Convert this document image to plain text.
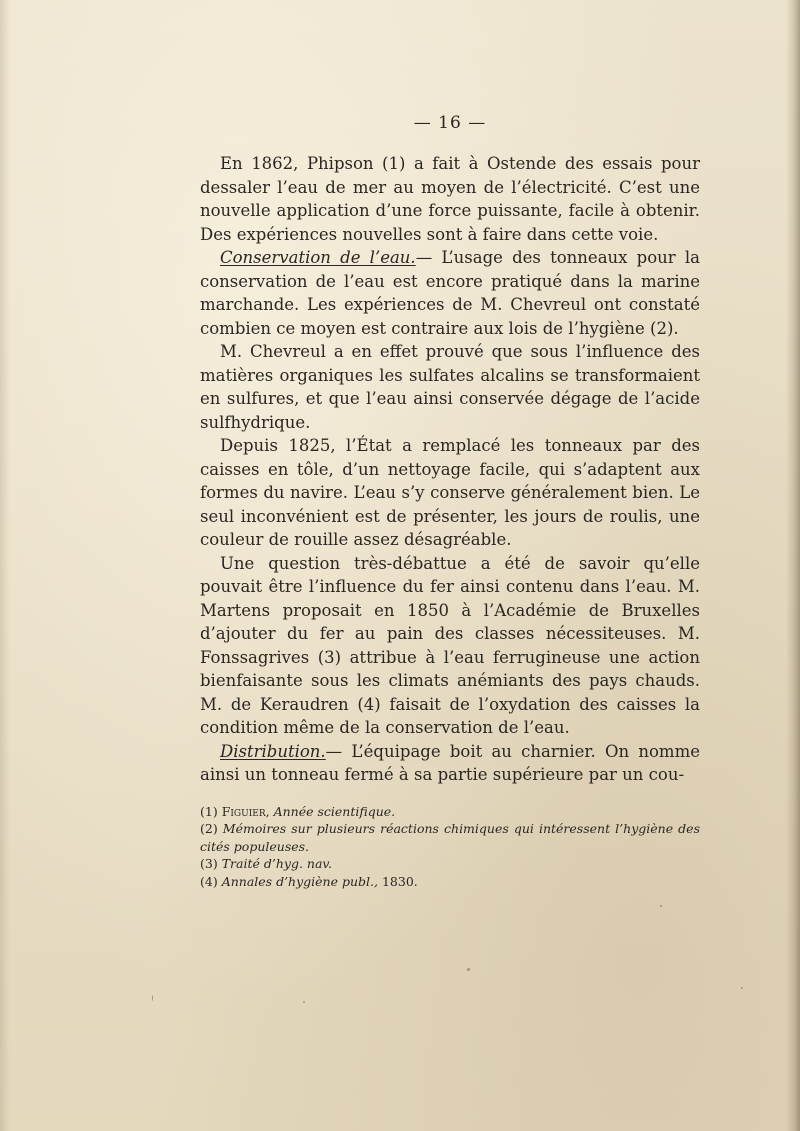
— 16 —

En 1862, Phipson (1) a fait à Ostende des essais pour dessaler l’eau de mer au moyen de l’électricité. C’est une nouvelle application d’une force puissante, facile à obtenir. Des expériences nouvelles sont à faire dans cette voie.

Conservation de l’eau.— L’usage des tonneaux pour la conservation de l’eau est encore pratiqué dans la marine marchande. Les expériences de M. Chevreul ont constaté combien ce moyen est contraire aux lois de l’hygiène (2).

M. Chevreul a en effet prouvé que sous l’influence des matières organiques les sulfates alcalins se transformaient en sulfures, et que l’eau ainsi conservée dégage de l’acide sulfhydrique.

Depuis 1825, l’État a remplacé les tonneaux par des caisses en tôle, d’un nettoyage facile, qui s’adaptent aux formes du navire. L’eau s’y conserve généralement bien. Le seul inconvénient est de présenter, les jours de roulis, une couleur de rouille assez désagréable.

Une question très-débattue a été de savoir qu’elle pouvait être l’influence du fer ainsi contenu dans l’eau. M. Martens proposait en 1850 à l’Académie de Bruxelles d’ajouter du fer au pain des classes nécessiteuses. M. Fonssagrives (3) attribue à l’eau ferrugineuse une action bienfaisante sous les climats anémiants des pays chauds. M. de Keraudren (4) faisait de l’oxydation des caisses la condition même de la conservation de l’eau.

Distribution.— L’équipage boit au charnier. On nomme ainsi un tonneau fermé à sa partie supérieure par un cou-

(1) Figuier, Année scientifique.

(2) Mémoires sur plusieurs réactions chimiques qui intéressent l’hygiène des cités populeuses.

(3) Traité d’hyg. nav.

(4) Annales d’hygiène publ., 1830.
